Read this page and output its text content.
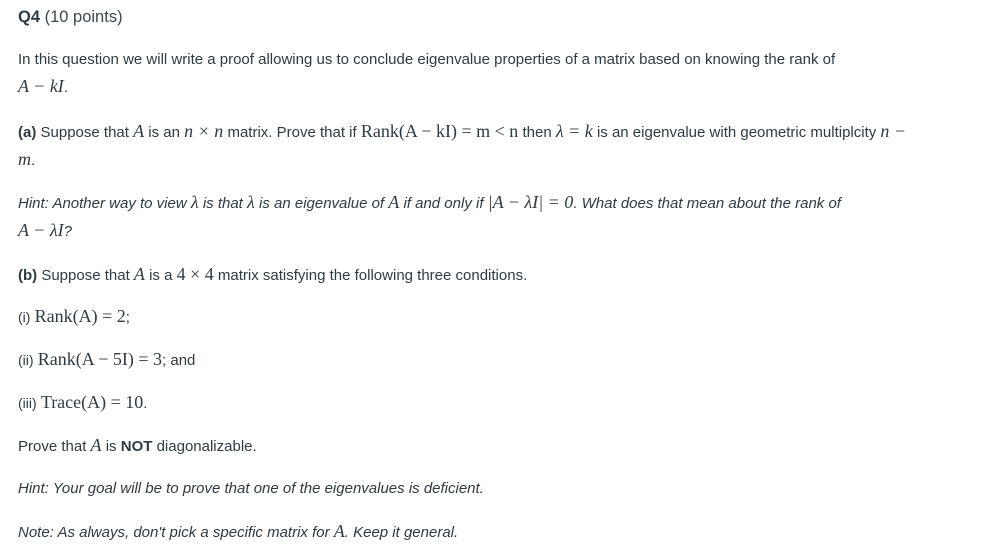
Q4 (10 points)
In this question we will write a proof allowing us to conclude eigenvalue properties of a matrix based on knowing the rank of
A − kI.
(a) Suppose that A is an n × n matrix. Prove that if Rank(A − kI) = m < n then λ = k is an eigenvalue with geometric multiplcity n − m.
Hint: Another way to view λ is that λ is an eigenvalue of A if and only if |A − λI| = 0. What does that mean about the rank of
A − λI?
(b) Suppose that A is a 4 × 4 matrix satisfying the following three conditions.
(i) Rank(A) = 2;
(ii) Rank(A − 5I) = 3; and
(iii) Trace(A) = 10.
Prove that A is NOT diagonalizable.
Hint: Your goal will be to prove that one of the eigenvalues is deficient.
Note: As always, don't pick a specific matrix for A. Keep it general.
